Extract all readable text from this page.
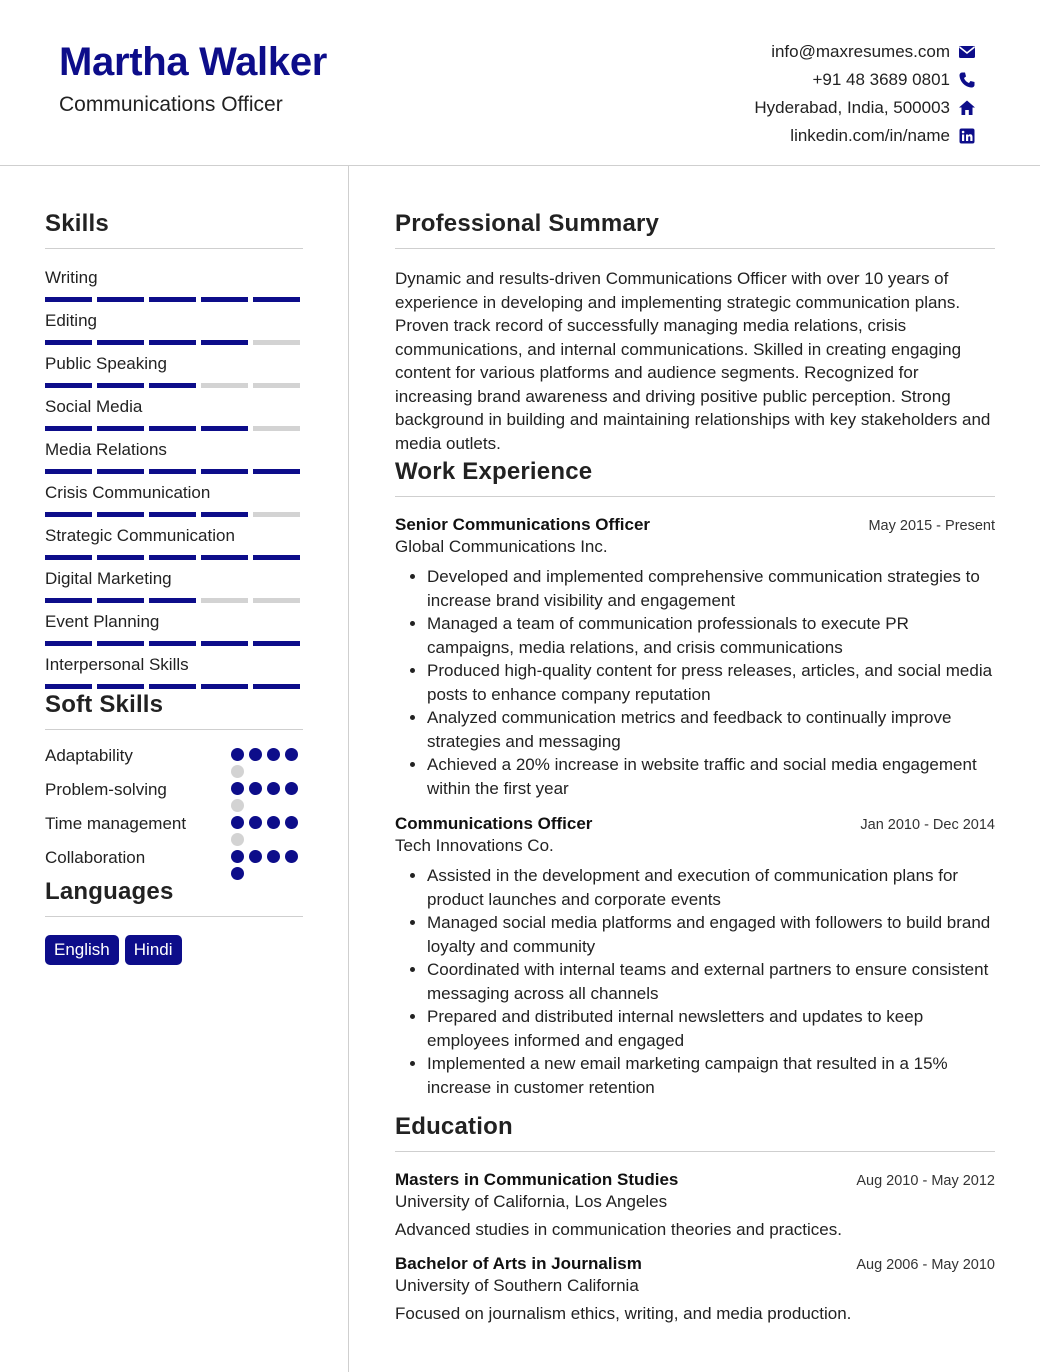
Martha Walker
Communications Officer
info@maxresumes.com
+91 48 3689 0801
Hyderabad, India, 500003
linkedin.com/in/name
Skills
Writing
Editing
Public Speaking
Social Media
Media Relations
Crisis Communication
Strategic Communication
Digital Marketing
Event Planning
Interpersonal Skills
Soft Skills
Adaptability
Problem-solving
Time management
Collaboration
Languages
English	Hindi
Professional Summary
Dynamic and results-driven Communications Officer with over 10 years of experience in developing and implementing strategic communication plans. Proven track record of successfully managing media relations, crisis communications, and internal communications. Skilled in creating engaging content for various platforms and audience segments. Recognized for increasing brand awareness and driving positive public perception. Strong background in building and maintaining relationships with key stakeholders and media outlets.
Work Experience
Senior Communications Officer	May 2015 - Present
Global Communications Inc.
• Developed and implemented comprehensive communication strategies to increase brand visibility and engagement
• Managed a team of communication professionals to execute PR campaigns, media relations, and crisis communications
• Produced high-quality content for press releases, articles, and social media posts to enhance company reputation
• Analyzed communication metrics and feedback to continually improve strategies and messaging
• Achieved a 20% increase in website traffic and social media engagement within the first year
Communications Officer	Jan 2010 - Dec 2014
Tech Innovations Co.
• Assisted in the development and execution of communication plans for product launches and corporate events
• Managed social media platforms and engaged with followers to build brand loyalty and community
• Coordinated with internal teams and external partners to ensure consistent messaging across all channels
• Prepared and distributed internal newsletters and updates to keep employees informed and engaged
• Implemented a new email marketing campaign that resulted in a 15% increase in customer retention
Education
Masters in Communication Studies	Aug 2010 - May 2012
University of California, Los Angeles
Advanced studies in communication theories and practices.
Bachelor of Arts in Journalism	Aug 2006 - May 2010
University of Southern California
Focused on journalism ethics, writing, and media production.
